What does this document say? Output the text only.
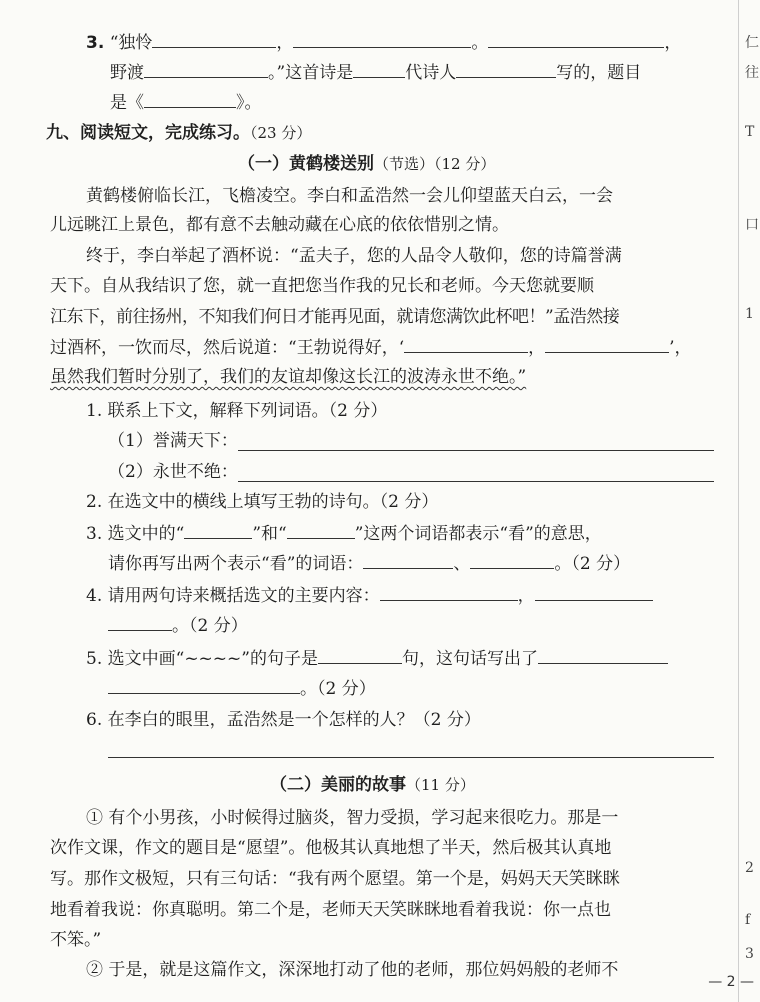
3. “独怜	，	。	，
野渡	。”这首诗是	代诗人	写的，题目
是《	》。
九、阅读短文，完成练习。（23 分）
（一）黄鹤楼送别（节选）（12 分）
黄鹤楼俯临长江，飞檐凌空。李白和孟浩然一会儿仰望蓝天白云，一会
儿远眺江上景色，都有意不去触动藏在心底的依依惜别之情。
终于，李白举起了酒杯说：“孟夫子，您的人品令人敬仰，您的诗篇誉满
天下。自从我结识了您，就一直把您当作我的兄长和老师。今天您就要顺
江东下，前往扬州，不知我们何日才能再见面，就请您满饮此杯吧！”孟浩然接
过酒杯，一饮而尽，然后说道：“王勃说得好，‘	，	’，
虽然我们暂时分别了，我们的友谊却像这长江的波涛永世不绝。”
1. 联系上下文，解释下列词语。（2 分）
（1）誉满天下：
（2）永世不绝：
2. 在选文中的横线上填写王勃的诗句。（2 分）
3. 选文中的“	”和“	”这两个词语都表示“看”的意思，
请你再写出两个表示“看”的词语：	、	。（2 分）
4. 请用两句诗来概括选文的主要内容：	，
。（2 分）
5. 选文中画“~~~~”的句子是	句，这句话写出了
。（2 分）
6. 在李白的眼里，孟浩然是一个怎样的人？（2 分）
（二）美丽的故事（11 分）
① 有个小男孩，小时候得过脑炎，智力受损，学习起来很吃力。那是一
次作文课，作文的题目是“愿望”。他极其认真地想了半天，然后极其认真地
写。那作文极短，只有三句话：“我有两个愿望。第一个是，妈妈天天笑眯眯
地看着我说：你真聪明。第二个是，老师天天笑眯眯地看着我说：你一点也
不笨。”
② 于是，就是这篇作文，深深地打动了他的老师，那位妈妈般的老师不
仁
往
T
口
1
2
f
3
— 2 —
